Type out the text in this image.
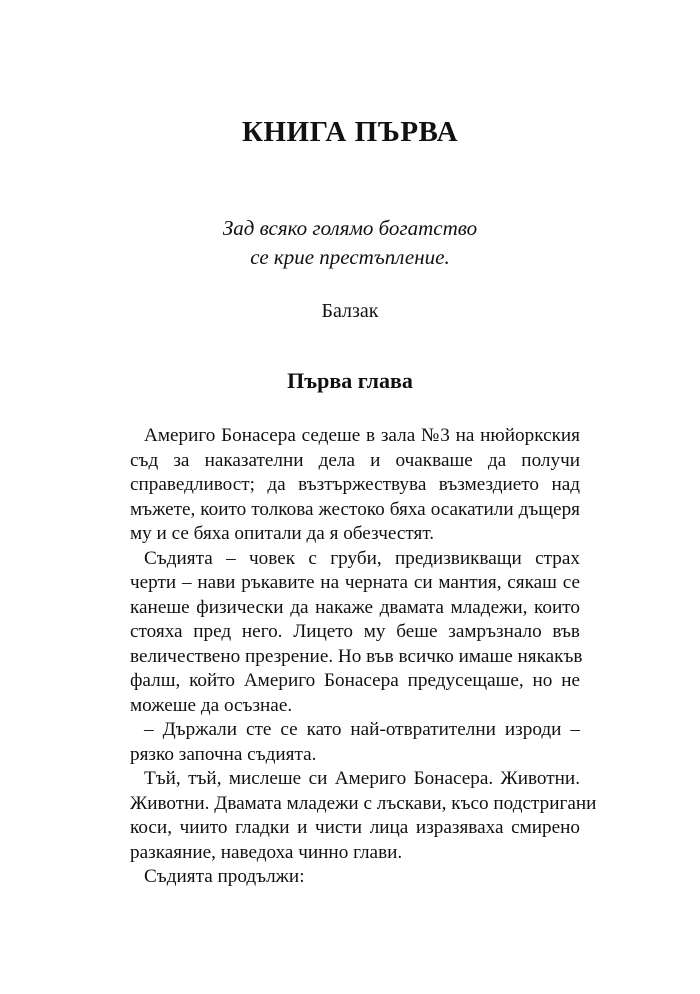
КНИГА ПЪРВА
Зад всяко голямо богатство
се крие престъпление.
Балзак
Първа глава

Америго Бонасера седеше в зала №3 на нюйоркския
съд за наказателни дела и очакваше да получи
справедливост; да възтържествува възмездието над
мъжете, които толкова жестоко бяха осакатили дъщеря
му и се бяха опитали да я обезчестят.

Съдията – човек с груби, предизвикващи страх
черти – нави ръкавите на черната си мантия, сякаш се
канеше физически да накаже двамата младежи, които
стояха пред него. Лицето му беше замръзнало във
величествено презрение. Но във всичко имаше някакъв
фалш, който Америго Бонасера предусещаше, но не
можеше да осъзнае.

– Държали сте се като най-отвратителни изроди –
рязко започна съдията.

Тъй, тъй, мислеше си Америго Бонасера. Животни.
Животни. Двамата младежи с лъскави, късо подстригани
коси, чиито гладки и чисти лица изразяваха смирено
разкаяние, наведоха чинно глави.

Съдията продължи:
